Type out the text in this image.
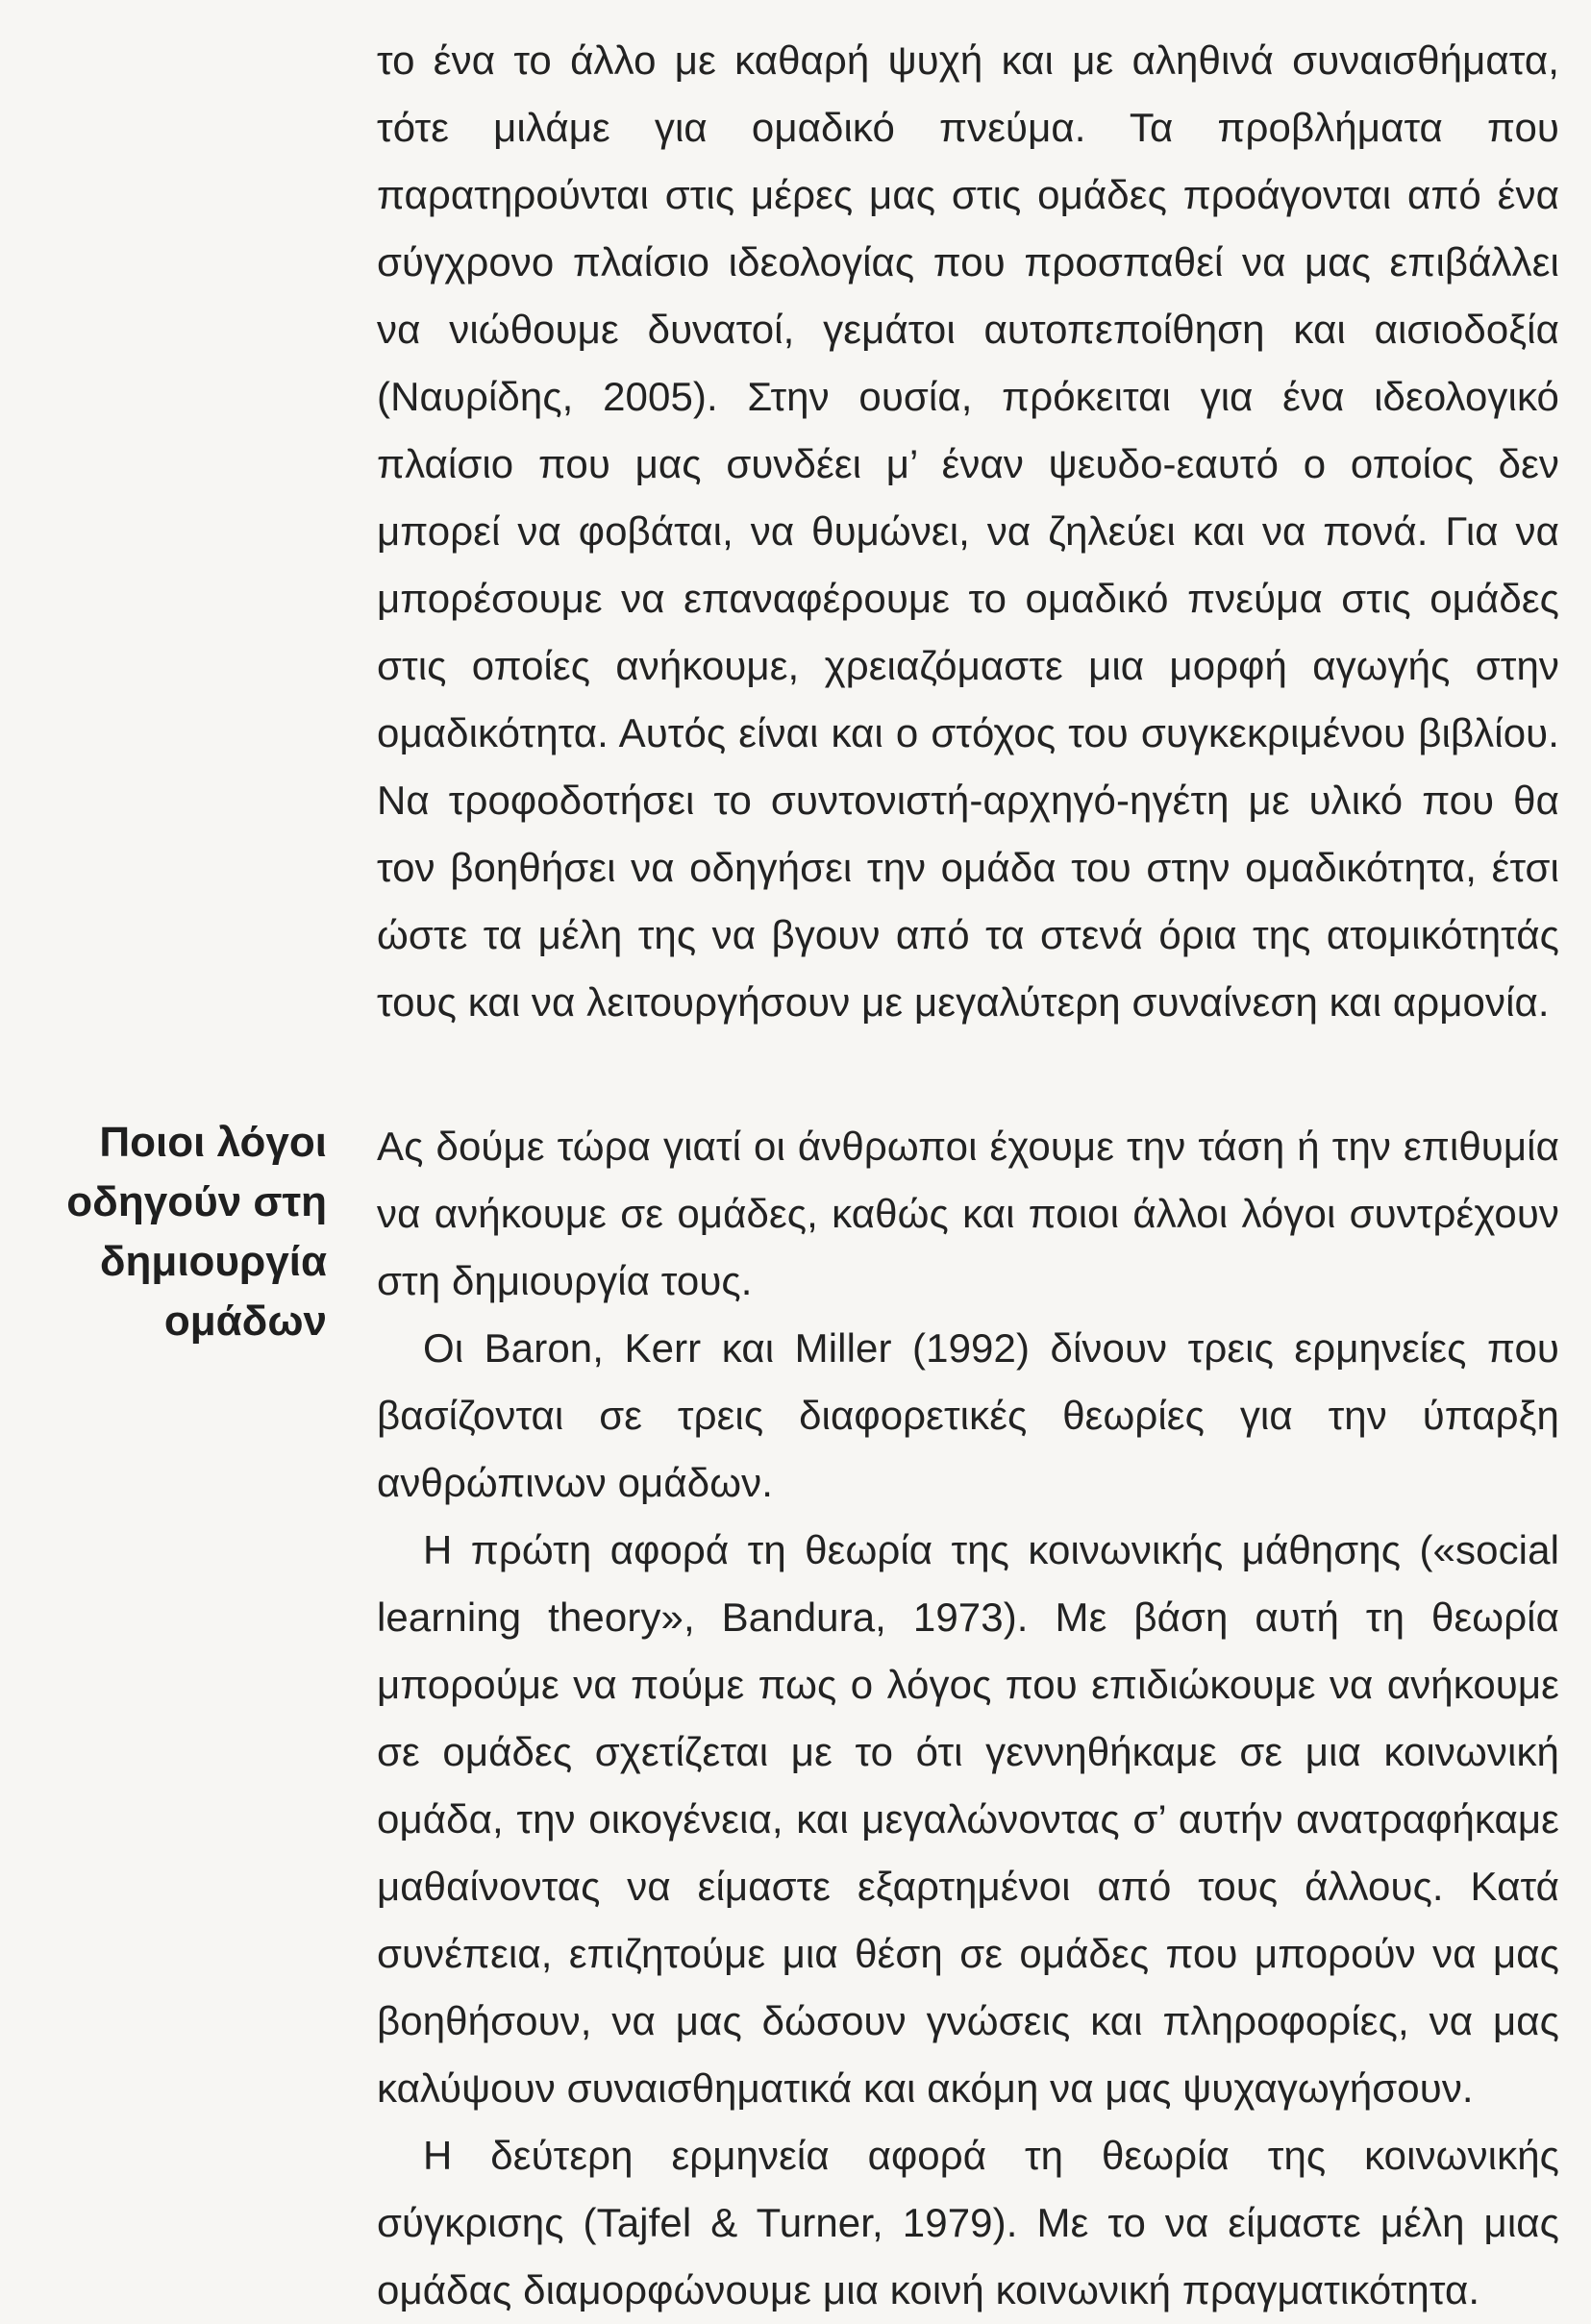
το ένα το άλλο με καθαρή ψυχή και με αληθινά συναισθήματα, τότε μιλάμε για ομαδικό πνεύμα. Τα προβλήματα που παρατηρούνται στις μέρες μας στις ομάδες προάγονται από ένα σύγχρονο πλαίσιο ιδεολογίας που προσπαθεί να μας επιβάλλει να νιώθουμε δυνατοί, γεμάτοι αυτοπεποίθηση και αισιοδοξία (Ναυρίδης, 2005). Στην ουσία, πρόκειται για ένα ιδεολογικό πλαίσιο που μας συνδέει μ’ έναν ψευδο-εαυτό ο οποίος δεν μπορεί να φοβάται, να θυμώνει, να ζηλεύει και να πονά. Για να μπορέσουμε να επαναφέρουμε το ομαδικό πνεύμα στις ομάδες στις οποίες ανήκουμε, χρειαζόμαστε μια μορφή αγωγής στην ομαδικότητα. Αυτός είναι και ο στόχος του συγκεκριμένου βιβλίου. Να τροφοδοτήσει το συντονιστή-αρχηγό-ηγέτη με υλικό που θα τον βοηθήσει να οδηγήσει την ομάδα του στην ομαδικότητα, έτσι ώστε τα μέλη της να βγουν από τα στενά όρια της ατομικότητάς τους και να λειτουργήσουν με μεγαλύτερη συναίνεση και αρμονία.

Ποιοι λόγοι
οδηγούν στη
δημιουργία
ομάδων

Ας δούμε τώρα γιατί οι άνθρωποι έχουμε την τάση ή την επιθυμία να ανήκουμε σε ομάδες, καθώς και ποιοι άλλοι λόγοι συντρέχουν στη δημιουργία τους.

Οι Baron, Kerr και Miller (1992) δίνουν τρεις ερμηνείες που βασίζονται σε τρεις διαφορετικές θεωρίες για την ύπαρξη ανθρώπινων ομάδων.

Η πρώτη αφορά τη θεωρία της κοινωνικής μάθησης («social learning theory», Bandura, 1973). Με βάση αυτή τη θεωρία μπορούμε να πούμε πως ο λόγος που επιδιώκουμε να ανήκουμε σε ομάδες σχετίζεται με το ότι γεννηθήκαμε σε μια κοινωνική ομάδα, την οικογένεια, και μεγαλώνοντας σ’ αυτήν ανατραφήκαμε μαθαίνοντας να είμαστε εξαρτημένοι από τους άλλους. Κατά συνέπεια, επιζητούμε μια θέση σε ομάδες που μπορούν να μας βοηθήσουν, να μας δώσουν γνώσεις και πληροφορίες, να μας καλύψουν συναισθηματικά και ακόμη να μας ψυχαγωγήσουν.

Η δεύτερη ερμηνεία αφορά τη θεωρία της κοινωνικής σύγκρισης (Tajfel & Turner, 1979). Με το να είμαστε μέλη μιας ομάδας διαμορφώνουμε μια κοινή κοινωνική πραγματικότητα.
